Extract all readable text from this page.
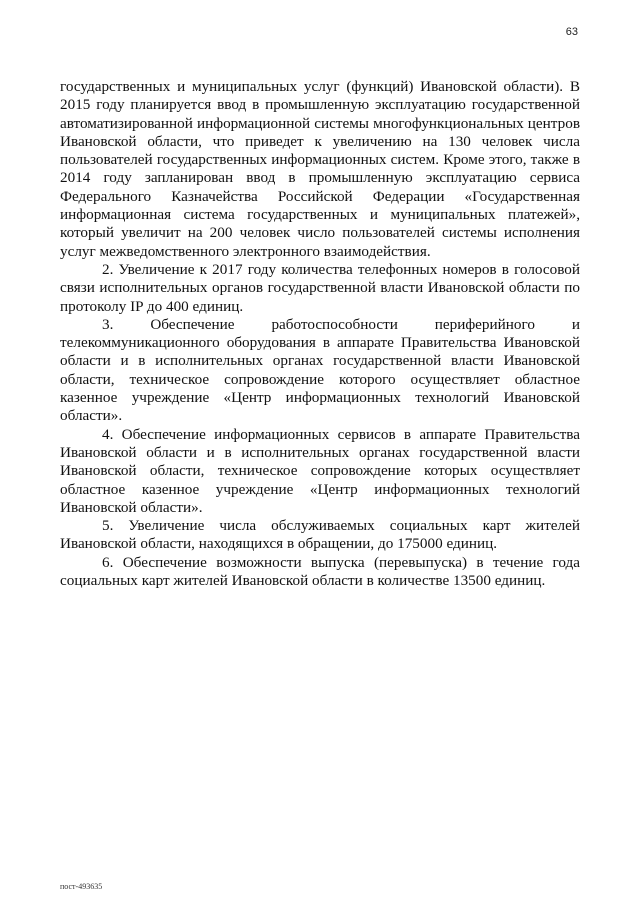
63

государственных и муниципальных услуг (функций) Ивановской области). В 2015 году планируется ввод в промышленную эксплуатацию государственной автоматизированной информационной системы многофункциональных центров Ивановской области, что приведет к увеличению на 130 человек числа пользователей государственных информационных систем. Кроме этого, также в 2014 году запланирован ввод в промышленную эксплуатацию сервиса Федерального Казначейства Российской Федерации «Государственная информационная система государственных и муниципальных платежей», который увеличит на 200 человек число пользователей системы исполнения услуг межведомственного электронного взаимодействия.

2. Увеличение к 2017 году количества телефонных номеров в голосовой связи исполнительных органов государственной власти Ивановской области по протоколу IP до 400 единиц.

3. Обеспечение работоспособности периферийного и телекоммуникационного оборудования в аппарате Правительства Ивановской области и в исполнительных органах государственной власти Ивановской области, техническое сопровождение которого осуществляет областное казенное учреждение «Центр информационных технологий Ивановской области».

4. Обеспечение информационных сервисов в аппарате Правительства Ивановской области и в исполнительных органах государственной власти Ивановской области, техническое сопровождение которых осуществляет областное казенное учреждение «Центр информационных технологий Ивановской области».

5. Увеличение числа обслуживаемых социальных карт жителей Ивановской области, находящихся в обращении, до 175000 единиц.

6. Обеспечение возможности выпуска (перевыпуска) в течение года социальных карт жителей Ивановской области в количестве 13500 единиц.

пост-493635
